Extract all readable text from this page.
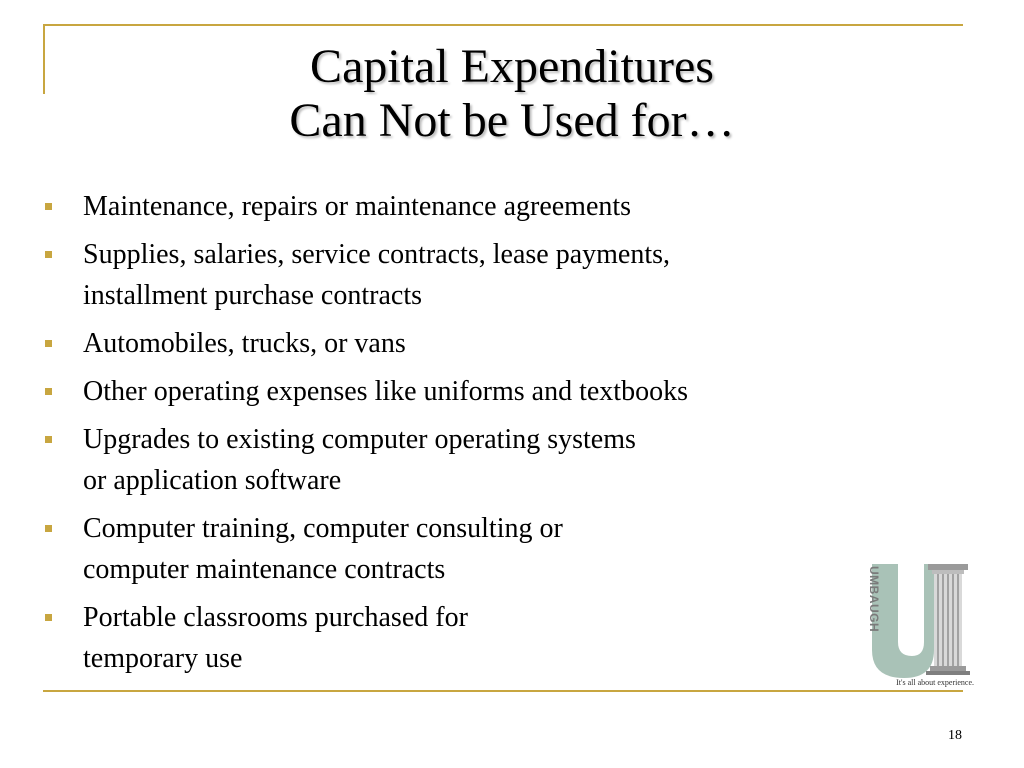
Capital Expenditures
Can Not be Used for…
Maintenance, repairs or maintenance agreements
Supplies, salaries, service contracts, lease payments,
installment purchase contracts
Automobiles, trucks, or vans
Other operating expenses like uniforms and textbooks
Upgrades to existing computer operating systems
or application software
Computer training, computer consulting or
computer maintenance contracts
Portable classrooms purchased for
temporary use
UMBAUGH
It's all about experience.
18
